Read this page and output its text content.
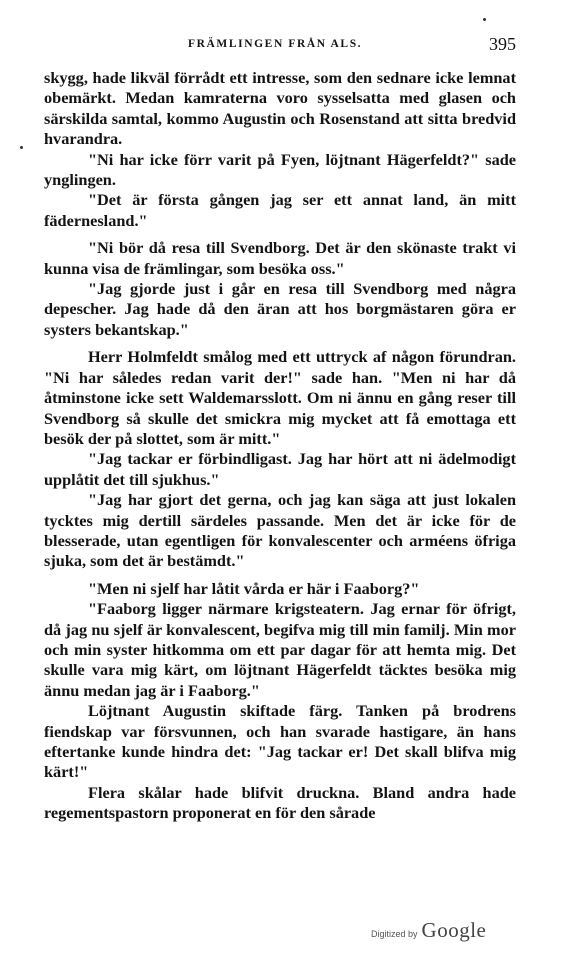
FRÄMLINGEN FRÅN ALS.	395

skygg, hade likväl förrådt ett intresse, som den sednare icke lemnat obemärkt. Medan kamraterna voro sysselsatta med glasen och särskilda samtal, kommo Augustin och Rosenstand att sitta bredvid hvarandra.

"Ni har icke förr varit på Fyen, löjtnant Hägerfeldt?" sade ynglingen.

"Det är första gången jag ser ett annat land, än mitt fädernesland."

"Ni bör då resa till Svendborg. Det är den skönaste trakt vi kunna visa de främlingar, som besöka oss."

"Jag gjorde just i går en resa till Svendborg med några depescher. Jag hade då den äran att hos borgmästaren göra er systers bekantskap."

Herr Holmfeldt smålog med ett uttryck af någon förundran. "Ni har således redan varit der!" sade han. "Men ni har då åtminstone icke sett Waldemarsslott. Om ni ännu en gång reser till Svendborg så skulle det smickra mig mycket att få emottaga ett besök der på slottet, som är mitt."

"Jag tackar er förbindligast. Jag har hört att ni ädelmodigt upplåtit det till sjukhus."

"Jag har gjort det gerna, och jag kan säga att just lokalen tycktes mig dertill särdeles passande. Men det är icke för de blesserade, utan egentligen för konvalescenter och arméens öfriga sjuka, som det är bestämdt."

"Men ni sjelf har låtit vårda er här i Faaborg?"

"Faaborg ligger närmare krigsteatern. Jag ernar för öfrigt, då jag nu sjelf är konvalescent, begifva mig till min familj. Min mor och min syster hitkomma om ett par dagar för att hemta mig. Det skulle vara mig kärt, om löjtnant Hägerfeldt täcktes besöka mig ännu medan jag är i Faaborg."

Löjtnant Augustin skiftade färg. Tanken på brodrens fiendskap var försvunnen, och han svarade hastigare, än hans eftertanke kunde hindra det: "Jag tackar er! Det skall blifva mig kärt!"

Flera skålar hade blifvit druckna. Bland andra hade regementspastorn proponerat en för den sårade

Digitized by Google
